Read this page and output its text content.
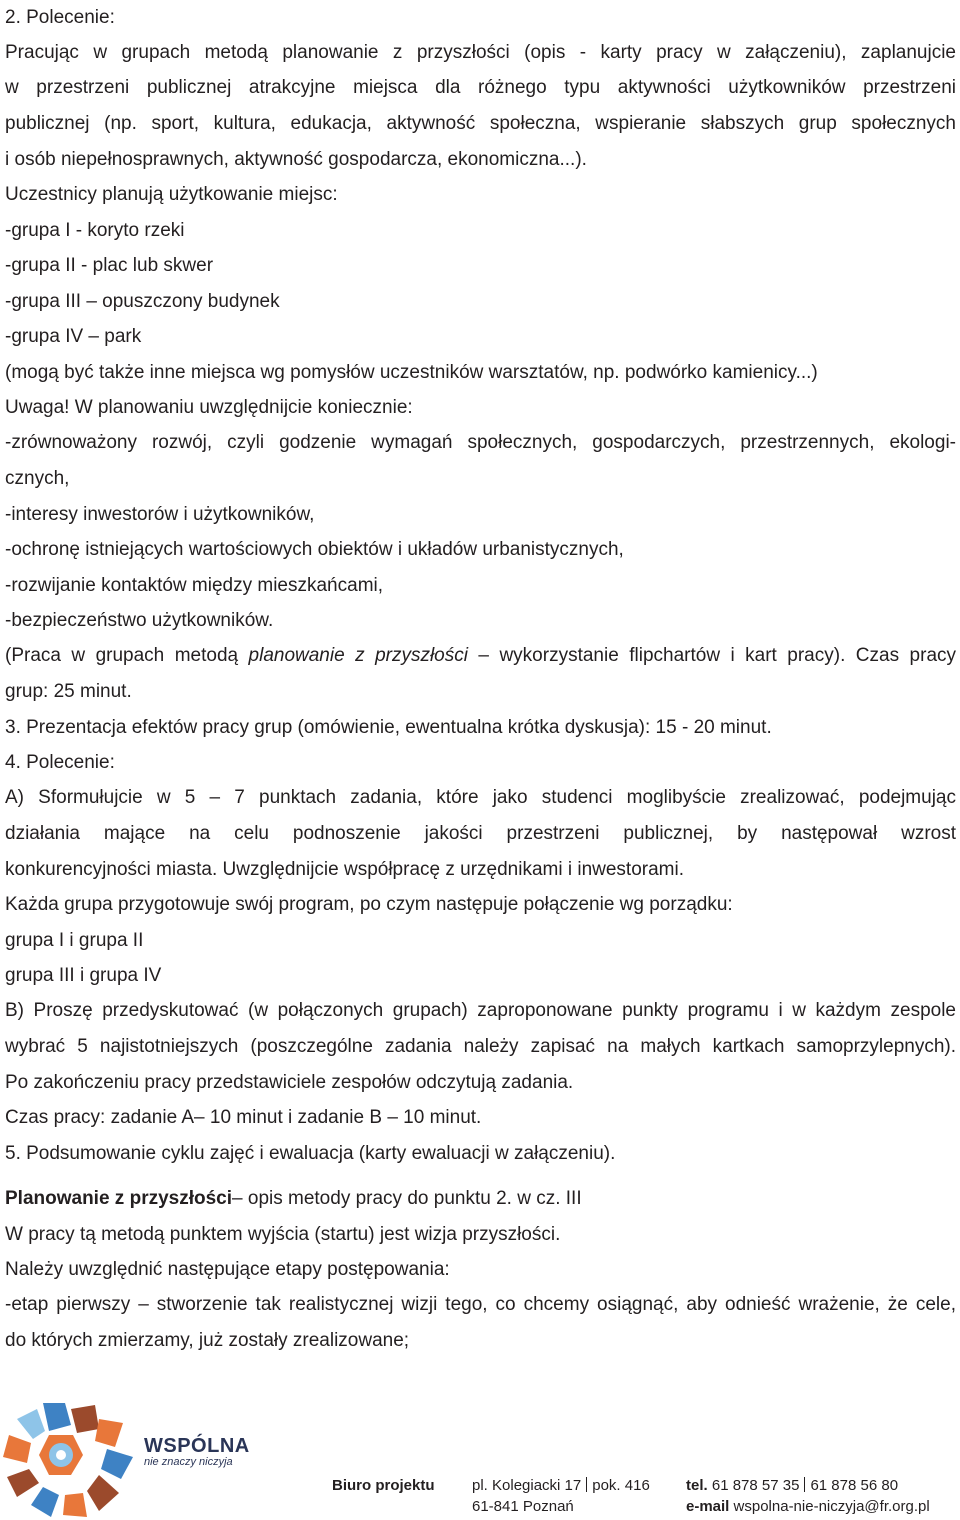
2. Polecenie:
Pracując w grupach metodą planowanie z przyszłości (opis - karty pracy w załączeniu), zaplanujcie
w przestrzeni publicznej atrakcyjne miejsca dla różnego typu aktywności użytkowników przestrzeni
publicznej (np. sport, kultura, edukacja, aktywność społeczna, wspieranie słabszych grup społecznych
i osób niepełnosprawnych, aktywność gospodarcza, ekonomiczna...).
Uczestnicy planują użytkowanie miejsc:
-grupa I - koryto rzeki
-grupa II - plac lub skwer
-grupa III – opuszczony budynek
-grupa IV – park
(mogą być także inne miejsca wg pomysłów uczestników warsztatów, np. podwórko kamienicy...)
Uwaga! W planowaniu uwzględnijcie koniecznie:
-zrównoważony rozwój, czyli godzenie wymagań społecznych, gospodarczych, przestrzennych, ekologi-
cznych,
-interesy inwestorów i użytkowników,
-ochronę istniejących wartościowych obiektów i układów urbanistycznych,
-rozwijanie kontaktów między mieszkańcami,
-bezpieczeństwo użytkowników.
(Praca w grupach metodą planowanie z przyszłości – wykorzystanie flipchartów i kart pracy). Czas pracy
grup: 25 minut.
3. Prezentacja efektów pracy grup (omówienie, ewentualna krótka dyskusja): 15 - 20 minut.
4. Polecenie:
A) Sformułujcie w 5 – 7 punktach zadania, które jako studenci moglibyście zrealizować, podejmując
działania mające na celu podnoszenie jakości przestrzeni publicznej, by następował wzrost
konkurencyjności miasta. Uwzględnijcie współpracę z urzędnikami i inwestorami.
Każda grupa przygotowuje swój program, po czym następuje połączenie wg porządku:
grupa I i grupa II
grupa III i grupa IV
B) Proszę przedyskutować (w połączonych grupach) zaproponowane punkty programu i w każdym zespole
wybrać 5 najistotniejszych (poszczególne zadania należy zapisać na małych kartkach samoprzylepnych).
Po zakończeniu pracy przedstawiciele zespołów odczytują zadania.
Czas pracy: zadanie A– 10 minut i zadanie B – 10 minut.
5. Podsumowanie cyklu zajęć i ewaluacja (karty ewaluacji w załączeniu).
Planowanie z przyszłości – opis metody pracy do punktu 2. w cz. III
W pracy tą metodą punktem wyjścia (startu) jest wizja przyszłości.
Należy uwzględnić następujące etapy postępowania:
-etap pierwszy – stworzenie tak realistycznej wizji tego, co chcemy osiągnąć, aby odnieść wrażenie, że cele,
do których zmierzamy, już zostały zrealizowane;
WSPÓLNA
nie znaczy niczyja
Biuro projektu pl. Kolegiacki 17 pok. 416
61-841 Poznań
tel. 61 878 57 35 61 878 56 80
e-mail wspolna-nie-niczyja@fr.org.pl
